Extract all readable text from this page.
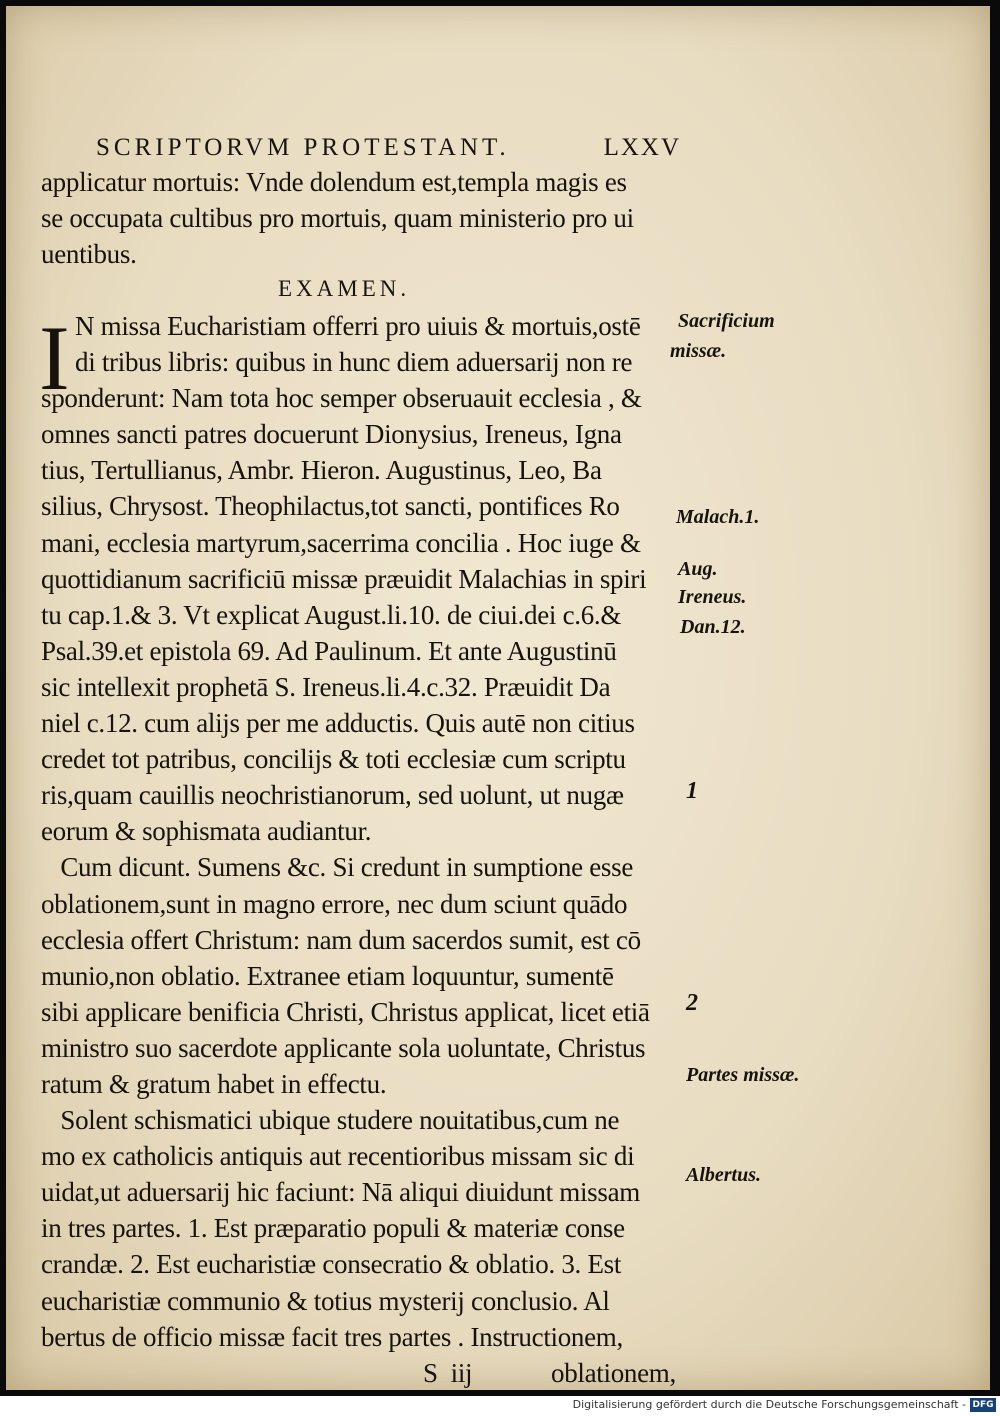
SCRIPTORVM PROTESTANT.	LXXV
applicatur mortuis: Vnde dolendum est,templa magis es
se occupata cultibus pro mortuis, quam ministerio pro ui
uentibus.
EXAMEN.
I N missa Eucharistiam offerri pro uiuis & mortuis,ostē
di tribus libris: quibus in hunc diem aduersarij non re
sponderunt: Nam tota hoc semper obseruauit ecclesia , &
omnes sancti patres docuerunt Dionysius, Ireneus, Igna
tius, Tertullianus, Ambr. Hieron. Augustinus, Leo, Ba
silius, Chrysost. Theophilactus,tot sancti, pontifices Ro
mani, ecclesia martyrum,sacerrima concilia . Hoc iuge &
quottidianum sacrificiū missæ præuidit Malachias in spiri
tu cap.1.& 3. Vt explicat August.li.10. de ciui.dei c.6.&
Psal.39.et epistola 69. Ad Paulinum. Et ante Augustinū
sic intellexit prophetā S. Ireneus.li.4.c.32. Præuidit Da
niel c.12. cum alijs per me adductis. Quis autē non citius
credet tot patribus, concilijs & toti ecclesiæ cum scriptu
ris,quam cauillis neochristianorum, sed uolunt, ut nugæ
eorum & sophismata audiantur.
Cum dicunt. Sumens &c. Si credunt in sumptione esse
oblationem,sunt in magno errore, nec dum sciunt quādo
ecclesia offert Christum: nam dum sacerdos sumit, est cō
munio,non oblatio. Extranee etiam loquuntur, sumentē
sibi applicare benificia Christi, Christus applicat, licet etiā
ministro suo sacerdote applicante sola uoluntate, Christus
ratum & gratum habet in effectu.
Solent schismatici ubique studere nouitatibus,cum ne
mo ex catholicis antiquis aut recentioribus missam sic di
uidat,ut aduersarij hic faciunt: Nā aliqui diuidunt missam
in tres partes. 1. Est præparatio populi & materiæ conse
crandæ. 2. Est eucharistiæ consecratio & oblatio. 3. Est
eucharistiæ communio & totius mysterij conclusio. Al
bertus de officio missæ facit tres partes . Instructionem,
S  iij	oblationem,
Sacrificium
missæ.
Malach.1.
Aug.
Ireneus.
Dan.12.
1
2
Partes missæ.
Albertus.
Digitalisierung gefördert durch die Deutsche Forschungsgemeinschaft - DFG
